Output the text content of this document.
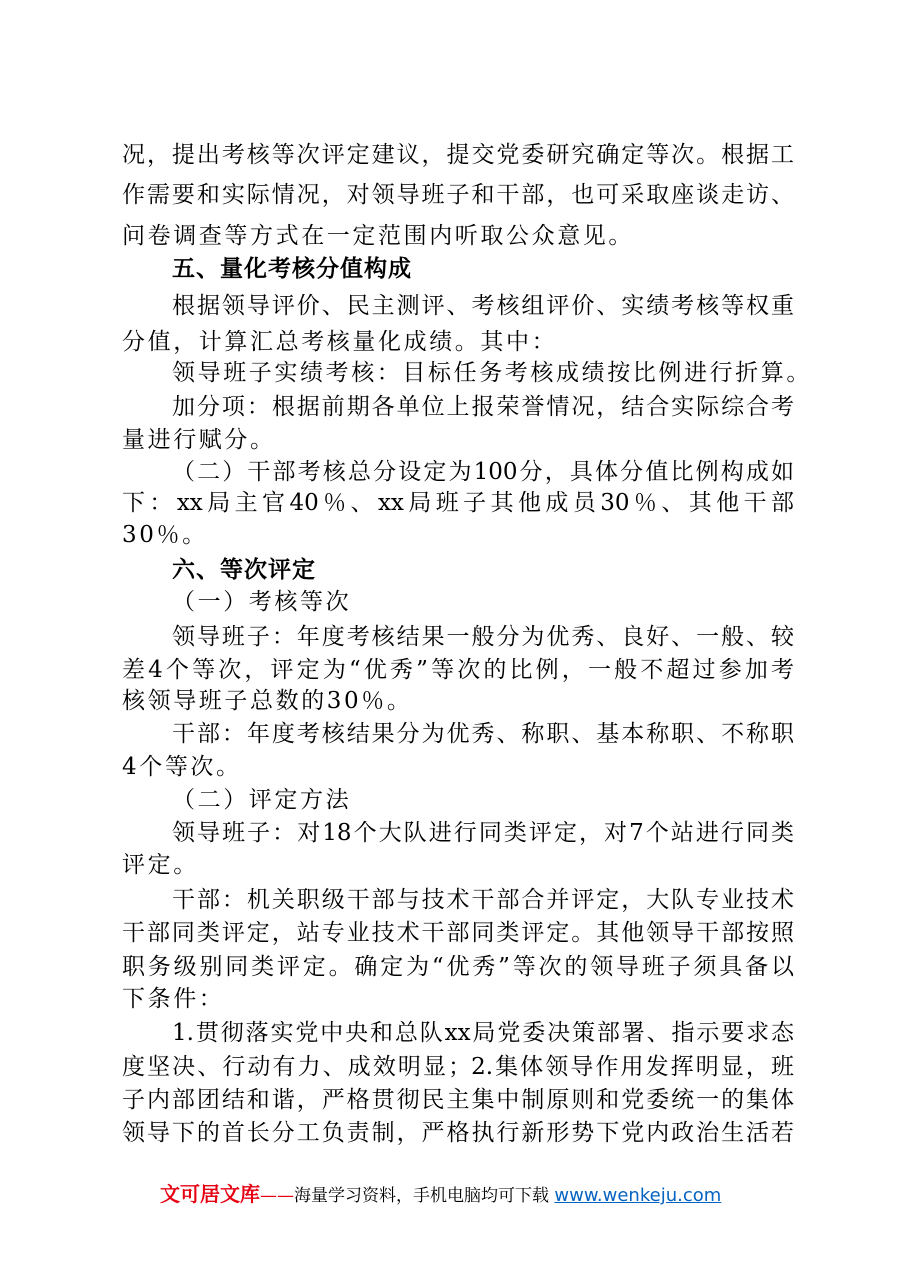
况，提出考核等次评定建议，提交党委研究确定等次。根据工
作需要和实际情况，对领导班子和干部，也可采取座谈走访、
问卷调查等方式在一定范围内听取公众意见。
五、量化考核分值构成
根据领导评价、民主测评、考核组评价、实绩考核等权重
分值，计算汇总考核量化成绩。其中：
领导班子实绩考核：目标任务考核成绩按比例进行折算。
加分项：根据前期各单位上报荣誉情况，结合实际综合考
量进行赋分。
（二）干部考核总分设定为100分，具体分值比例构成如
下：xx局主官40％、xx局班子其他成员30％、其他干部
30％。
六、等次评定
（一）考核等次
领导班子：年度考核结果一般分为优秀、良好、一般、较
差4个等次，评定为“优秀”等次的比例，一般不超过参加考
核领导班子总数的30％。
干部：年度考核结果分为优秀、称职、基本称职、不称职
4个等次。
（二）评定方法
领导班子：对18个大队进行同类评定，对7个站进行同类
评定。
干部：机关职级干部与技术干部合并评定，大队专业技术
干部同类评定，站专业技术干部同类评定。其他领导干部按照
职务级别同类评定。确定为“优秀”等次的领导班子须具备以
下条件：
1.贯彻落实党中央和总队xx局党委决策部署、指示要求态
度坚决、行动有力、成效明显；2.集体领导作用发挥明显，班
子内部团结和谐，严格贯彻民主集中制原则和党委统一的集体
领导下的首长分工负责制，严格执行新形势下党内政治生活若
文可居文库——海量学习资料，手机电脑均可下载 www.wenkeju.com
